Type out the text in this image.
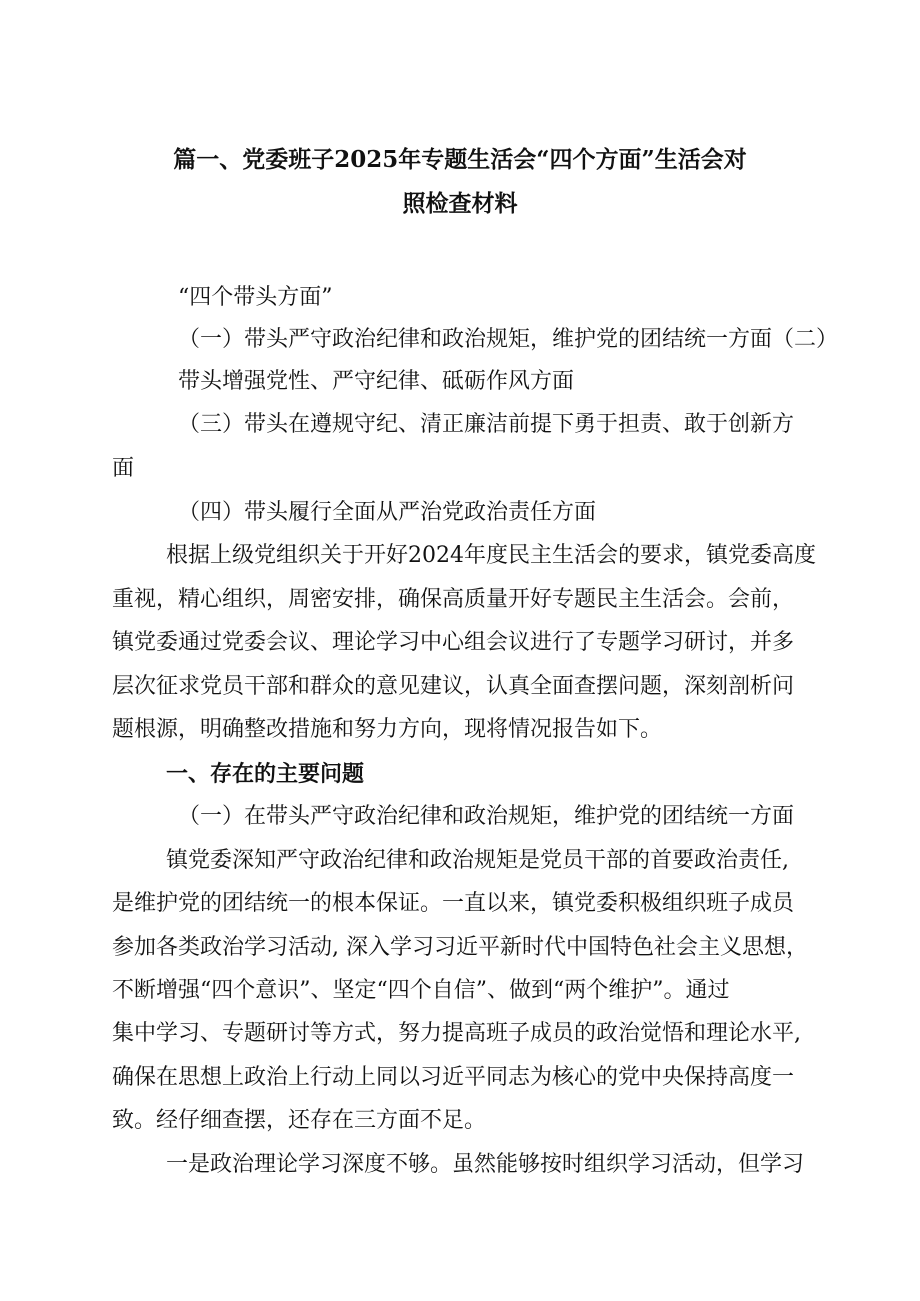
篇一、党委班子2025年专题生活会“四个方面”生活会对
照检查材料
“四个带头方面”
（一）带头严守政治纪律和政治规矩，维护党的团结统一方面（二）
带头增强党性、严守纪律、砥砺作风方面
（三）带头在遵规守纪、清正廉洁前提下勇于担责、敢于创新方
面
（四）带头履行全面从严治党政治责任方面
根据上级党组织关于开好2024年度民主生活会的要求，镇党委高度
重视，精心组织，周密安排，确保高质量开好专题民主生活会。会前，
镇党委通过党委会议、理论学习中心组会议进行了专题学习研讨，并多
层次征求党员干部和群众的意见建议，认真全面查摆问题，深刻剖析问
题根源，明确整改措施和努力方向，现将情况报告如下。
一、存在的主要问题
（一）在带头严守政治纪律和政治规矩，维护党的团结统一方面
镇党委深知严守政治纪律和政治规矩是党员干部的首要政治责任,
是维护党的团结统一的根本保证。一直以来，镇党委积极组织班子成员
参加各类政治学习活动, 深入学习习近平新时代中国特色社会主义思想，
不断增强“四个意识”、坚定“四个自信”、做到“两个维护”。通过
集中学习、专题研讨等方式，努力提高班子成员的政治觉悟和理论水平,
确保在思想上政治上行动上同以习近平同志为核心的党中央保持高度一
致。经仔细查摆，还存在三方面不足。
一是政治理论学习深度不够。虽然能够按时组织学习活动，但学习
